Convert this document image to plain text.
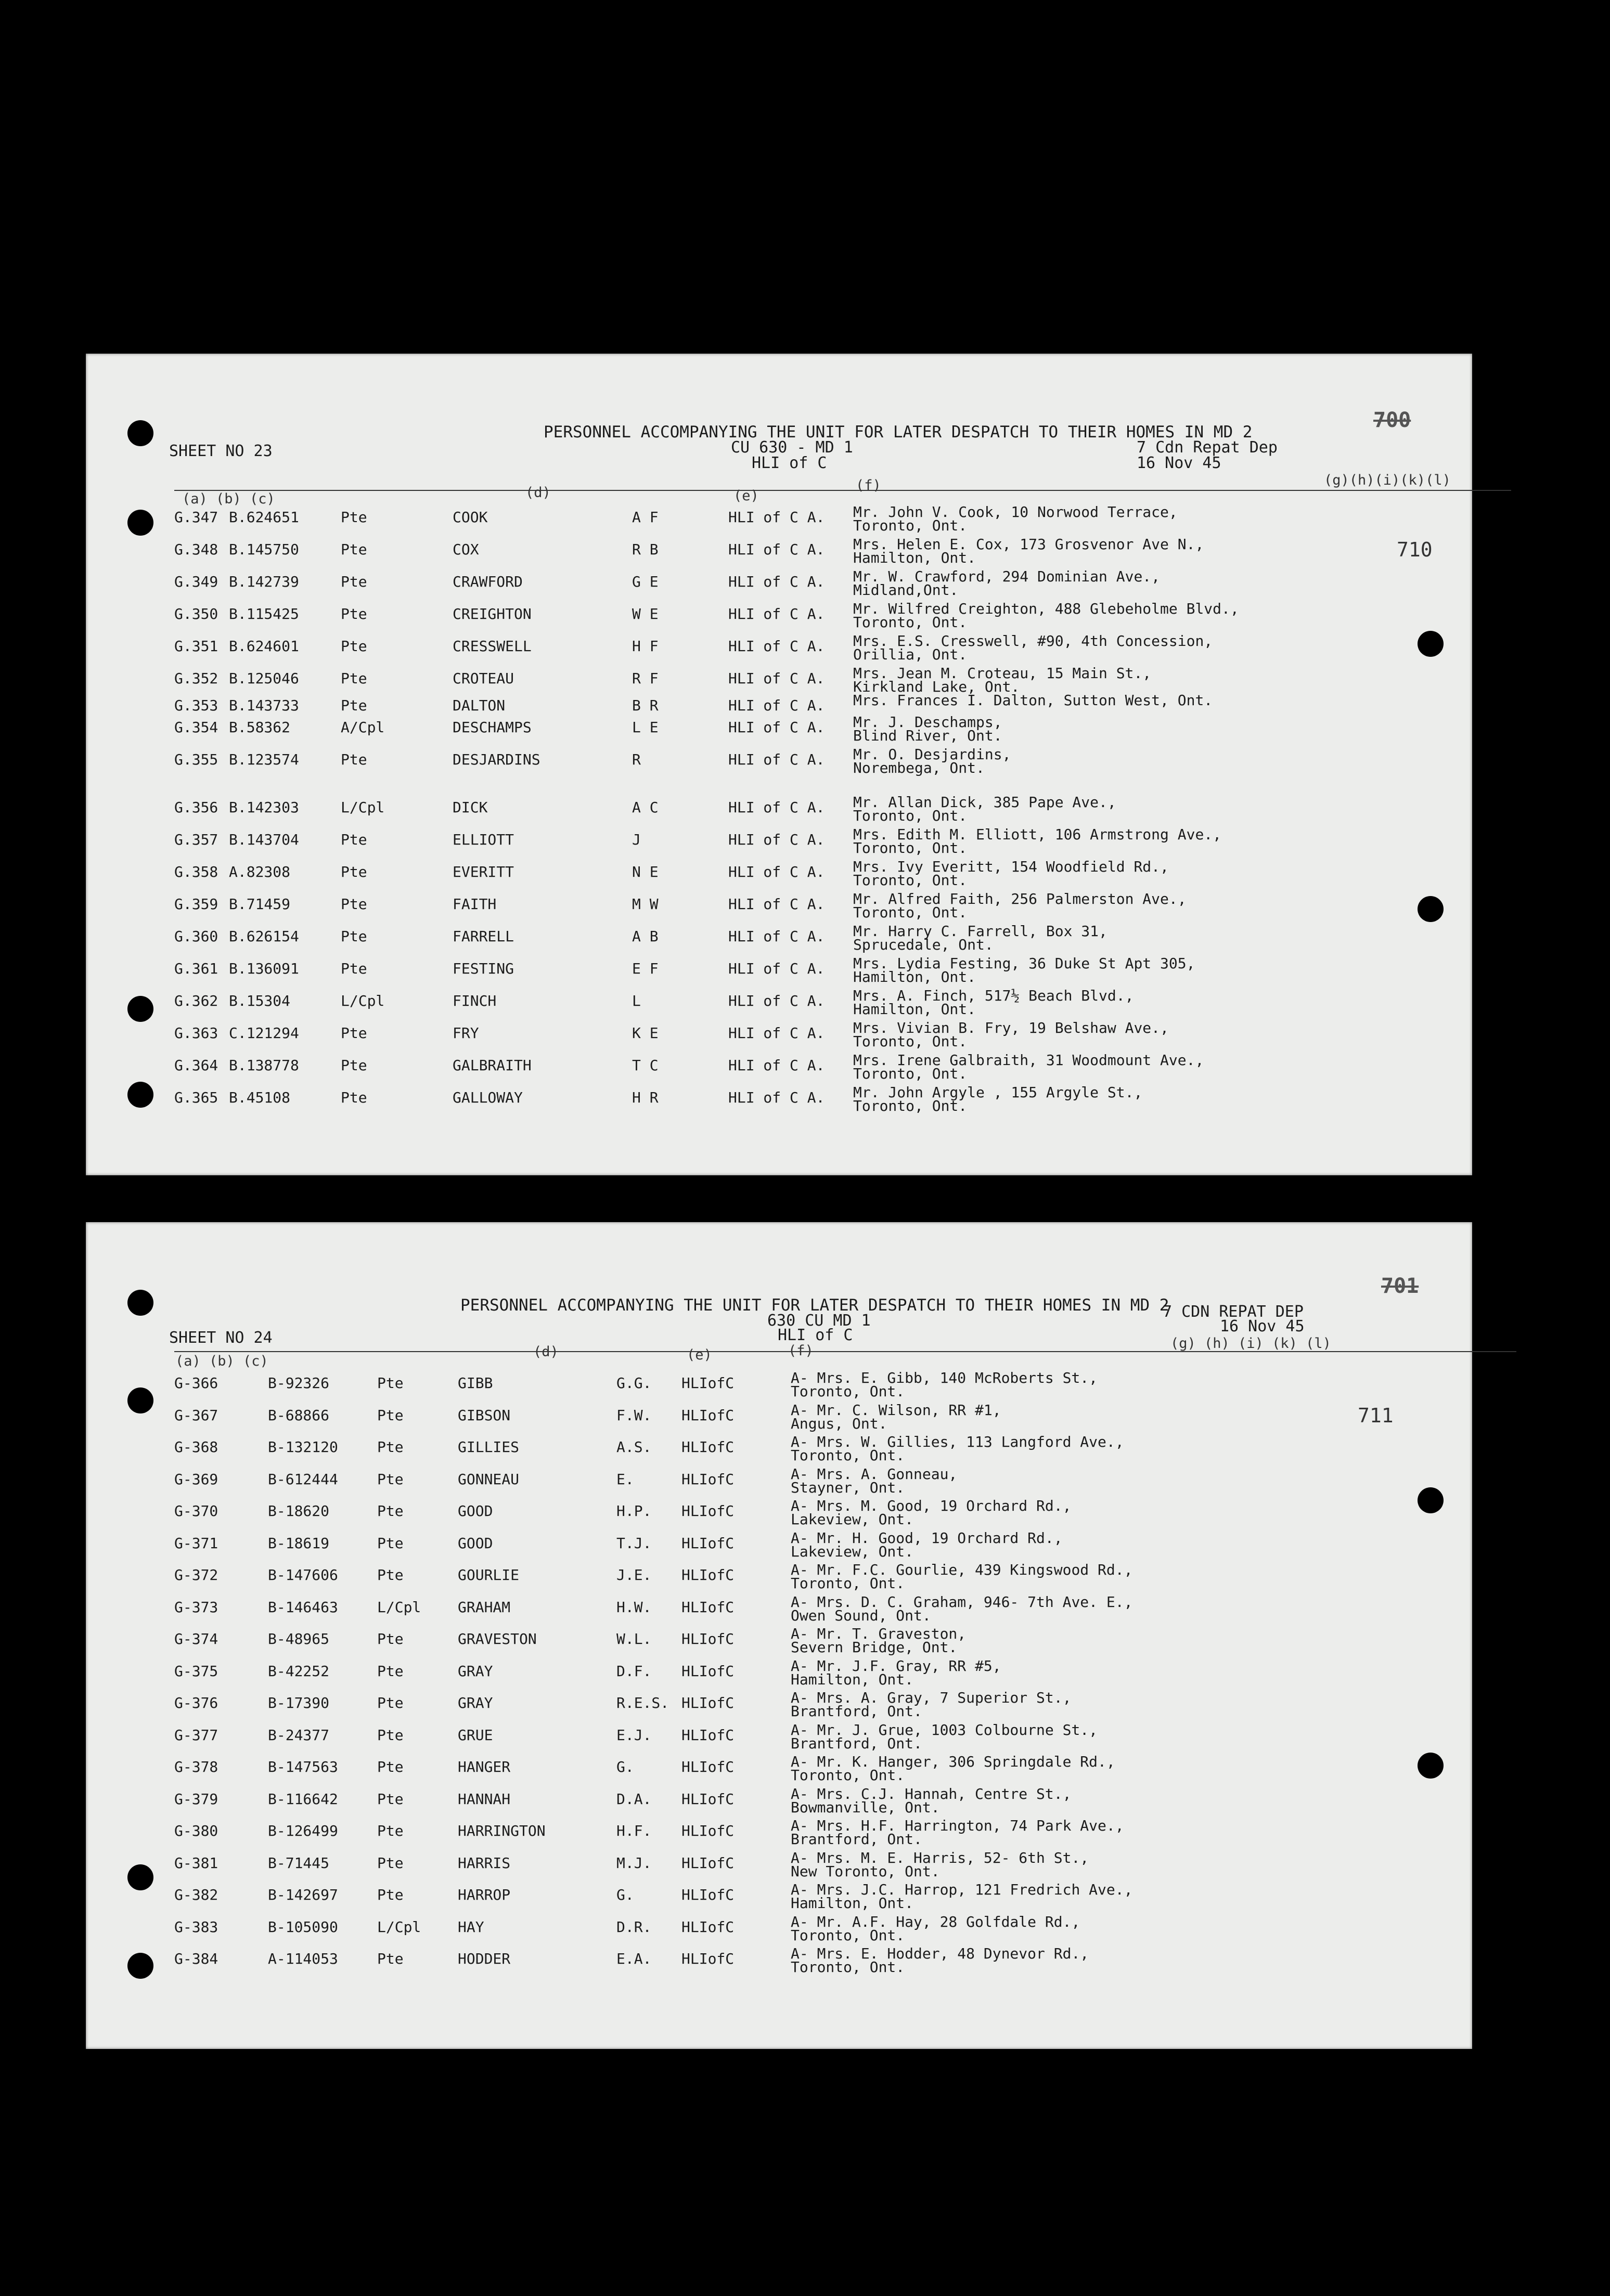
SHEET NO 23
PERSONNEL ACCOMPANYING THE UNIT FOR LATER DESPATCH TO THEIR HOMES IN MD 2
CU 630 - MD 1
HLI of C
7 Cdn Repat Dep
16 Nov 45
700
710
(a) (b) (c)	(d)	(e)
(f)	(g)(h)(i)(k)(l)
G.347 B.624651	Pte	COOK	A F	HLI of C A. Mr. John V. Cook, 10 Norwood Terrace,
Toronto, Ont.
G.348 B.145750	Pte	COX	R B	HLI of C A. Mrs. Helen E. Cox, 173 Grosvenor Ave N.,
Hamilton, Ont.
G.349 B.142739	Pte	CRAWFORD	G E	HLI of C A. Mr. W. Crawford, 294 Dominian Ave.,
Midland,Ont.
G.350 B.115425	Pte	CREIGHTON	W E	HLI of C A. Mr. Wilfred Creighton, 488 Glebeholme Blvd.,
Toronto, Ont.
G.351 B.624601	Pte	CRESSWELL	H F	HLI of C A. Mrs. E.S. Cresswell, #90, 4th Concession,
Orillia, Ont.
G.352 B.125046	Pte	CROTEAU	R F	HLI of C A. Mrs. Jean M. Croteau, 15 Main St.,
Kirkland Lake, Ont.
G.353 B.143733	Pte	DALTON	B R	HLI of C A. Mrs. Frances I. Dalton, Sutton West, Ont.
G.354 B.58362	A/Cpl	DESCHAMPS	L E	HLI of C A. Mr. J. Deschamps,
Blind River, Ont.
G.355 B.123574	Pte	DESJARDINS	R	HLI of C A. Mr. O. Desjardins,
Norembega, Ont.
G.356 B.142303	L/Cpl	DICK	A C	HLI of C A. Mr. Allan Dick, 385 Pape Ave.,
Toronto, Ont.
G.357 B.143704	Pte	ELLIOTT	J	HLI of C A. Mrs. Edith M. Elliott, 106 Armstrong Ave.,
Toronto, Ont.
G.358 A.82308	Pte	EVERITT	N E	HLI of C A. Mrs. Ivy Everitt, 154 Woodfield Rd.,
Toronto, Ont.
G.359 B.71459	Pte	FAITH	M W	HLI of C A. Mr. Alfred Faith, 256 Palmerston Ave.,
Toronto, Ont.
G.360 B.626154	Pte	FARRELL	A B	HLI of C A. Mr. Harry C. Farrell, Box 31,
Sprucedale, Ont.
G.361 B.136091	Pte	FESTING	E F	HLI of C A. Mrs. Lydia Festing, 36 Duke St Apt 305,
Hamilton, Ont.
G.362 B.15304	L/Cpl	FINCH	L	HLI of C A. Mrs. A. Finch, 517½ Beach Blvd.,
Hamilton, Ont.
G.363 C.121294	Pte	FRY	K E	HLI of C A. Mrs. Vivian B. Fry, 19 Belshaw Ave.,
Toronto, Ont.
G.364 B.138778	Pte	GALBRAITH	T C	HLI of C A. Mrs. Irene Galbraith, 31 Woodmount Ave.,
Toronto, Ont.
G.365 B.45108	Pte	GALLOWAY	H R	HLI of C A. Mr. John Argyle , 155 Argyle St.,
Toronto, Ont.
SHEET NO 24
PERSONNEL ACCOMPANYING THE UNIT FOR LATER DESPATCH TO THEIR HOMES IN MD 2
630 CU MD 1
HLI of C
7 CDN REPAT DEP
16 Nov 45
701
711
(a) (b) (c)
(d)	(e)	(f)	(g) (h) (i) (k) (l)
G-366	B-92326	Pte	GIBB	G.G. HLIofC	A- Mrs. E. Gibb, 140 McRoberts St.,
Toronto, Ont.
G-367	B-68866	Pte	GIBSON	F.W. HLIofC	A- Mr. C. Wilson, RR #1,
Angus, Ont.
G-368	B-132120	Pte	GILLIES	A.S. HLIofC	A- Mrs. W. Gillies, 113 Langford Ave.,
Toronto, Ont.
G-369	B-612444	Pte	GONNEAU	E.	HLIofC	A- Mrs. A. Gonneau,
Stayner, Ont.
G-370	B-18620	Pte	GOOD	H.P. HLIofC	A- Mrs. M. Good, 19 Orchard Rd.,
Lakeview, Ont.
G-371	B-18619	Pte	GOOD	T.J. HLIofC	A- Mr. H. Good, 19 Orchard Rd.,
Lakeview, Ont.
G-372	B-147606	Pte	GOURLIE	J.E. HLIofC	A- Mr. F.C. Gourlie, 439 Kingswood Rd.,
Toronto, Ont.
G-373	B-146463	L/Cpl	GRAHAM	H.W. HLIofC	A- Mrs. D. C. Graham, 946- 7th Ave. E.,
Owen Sound, Ont.
G-374	B-48965	Pte	GRAVESTON	W.L. HLIofC	A- Mr. T. Graveston,
Severn Bridge, Ont.
G-375	B-42252	Pte	GRAY	D.F. HLIofC	A- Mr. J.F. Gray, RR #5,
Hamilton, Ont.
G-376	B-17390	Pte	GRAY	R.E.S. HLIofC	A- Mrs. A. Gray, 7 Superior St.,
Brantford, Ont.
G-377	B-24377	Pte	GRUE	E.J. HLIofC	A- Mr. J. Grue, 1003 Colbourne St.,
Brantford, Ont.
G-378	B-147563	Pte	HANGER	G.	HLIofC	A- Mr. K. Hanger, 306 Springdale Rd.,
Toronto, Ont.
G-379	B-116642	Pte	HANNAH	D.A. HLIofC	A- Mrs. C.J. Hannah, Centre St.,
Bowmanville, Ont.
G-380	B-126499	Pte	HARRINGTON	H.F. HLIofC	A- Mrs. H.F. Harrington, 74 Park Ave.,
Brantford, Ont.
G-381	B-71445	Pte	HARRIS	M.J. HLIofC	A- Mrs. M. E. Harris, 52- 6th St.,
New Toronto, Ont.
G-382	B-142697	Pte	HARROP	G.	HLIofC	A- Mrs. J.C. Harrop, 121 Fredrich Ave.,
Hamilton, Ont.
G-383	B-105090	L/Cpl	HAY	D.R. HLIofC	A- Mr. A.F. Hay, 28 Golfdale Rd.,
Toronto, Ont.
G-384	A-114053	Pte	HODDER	E.A. HLIofC	A- Mrs. E. Hodder, 48 Dynevor Rd.,
Toronto, Ont.
